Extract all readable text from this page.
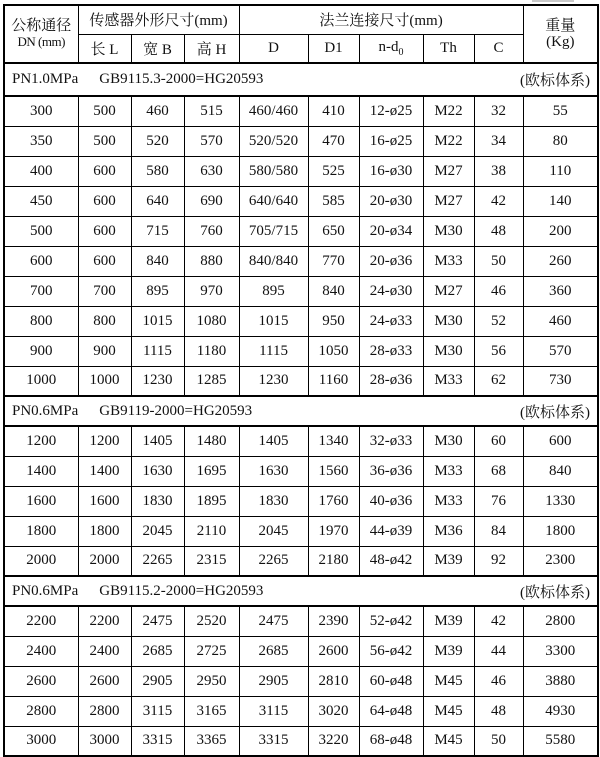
公称通径
DN (mm)
	传感器外形尺寸(mm)	法兰连接尺寸(mm)	重量
(Kg)

	长 L	宽 B	高 H	D	D1	$n-d_0$	Th	C	

PN1.0MPa GB9115.3-2000=HG20593 (欧标体系)									

300	500	460	515	460/460	410	12-ø25	M22	32	55
350	500	520	570	520/520	470	16-ø25	M22	34	80
400	600	580	630	580/580	525	16-ø30	M27	38	110
450	600	640	690	640/640	585	20-ø30	M27	42	140
500	600	715	760	705/715	650	20-ø34	M30	48	200
600	600	840	880	840/840	770	20-ø36	M33	50	260
700	700	895	970	895	840	24-ø30	M27	46	360
800	800	1015	1080	1015	950	24-ø33	M30	52	460
900	900	1115	1180	1115	1050	28-ø33	M30	56	570
1000	1000	1230	1285	1230	1160	28-ø36	M33	62	730

PN0.6MPa GB9119-2000=HG20593 (欧标体系)									

1200	1200	1405	1480	1405	1340	32-ø33	M30	60	600
1400	1400	1630	1695	1630	1560	36-ø36	M33	68	840
1600	1600	1830	1895	1830	1760	40-ø36	M33	76	1330
1800	1800	2045	2110	2045	1970	44-ø39	M36	84	1800
2000	2000	2265	2315	2265	2180	48-ø42	M39	92	2300

PN0.6MPa GB9115.2-2000=HG20593 (欧标体系)									

2200	2200	2475	2520	2475	2390	52-ø42	M39	42	2800
2400	2400	2685	2725	2685	2600	56-ø42	M39	44	3300
2600	2600	2905	2950	2905	2810	60-ø48	M45	46	3880
2800	2800	3115	3165	3115	3020	64-ø48	M45	48	4930
3000	3000	3315	3365	3315	3220	68-ø48	M45	50	5580
